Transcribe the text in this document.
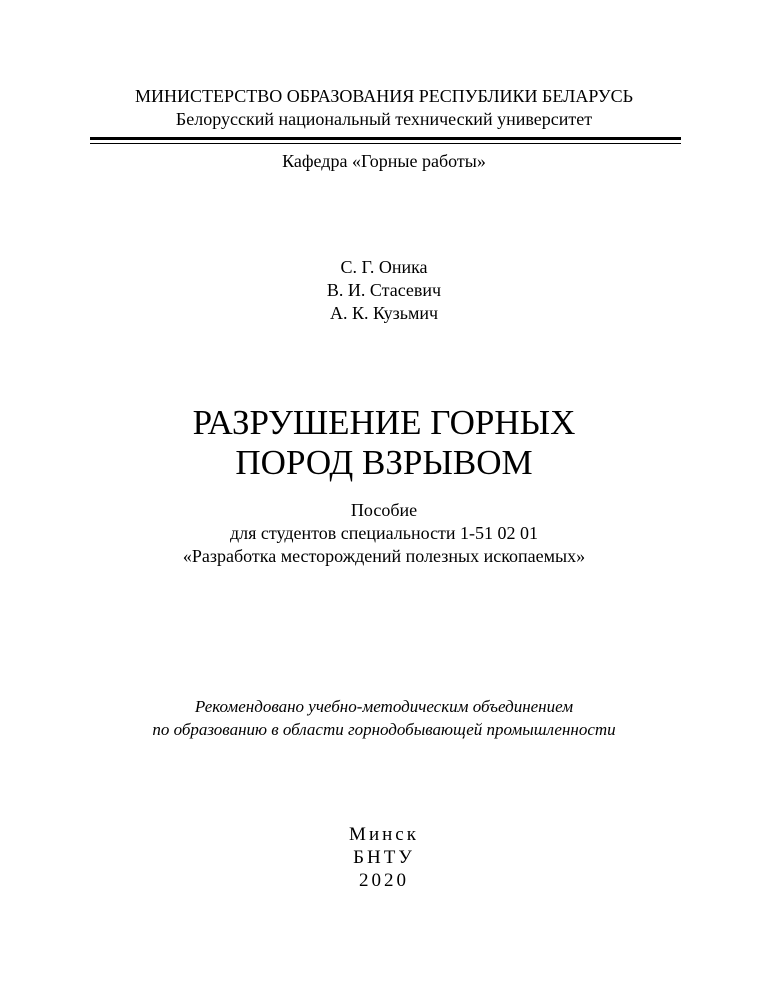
МИНИСТЕРСТВО ОБРАЗОВАНИЯ РЕСПУБЛИКИ БЕЛАРУСЬ
Белорусский национальный технический университет
Кафедра «Горные работы»
С. Г. Оника
В. И. Стасевич
А. К. Кузьмич
РАЗРУШЕНИЕ ГОРНЫХ
ПОРОД ВЗРЫВОМ
Пособие
для студентов специальности 1-51 02 01
«Разработка месторождений полезных ископаемых»
Рекомендовано учебно-методическим объединением
по образованию в области горнодобывающей промышленности
Минск
БНТУ
2020
